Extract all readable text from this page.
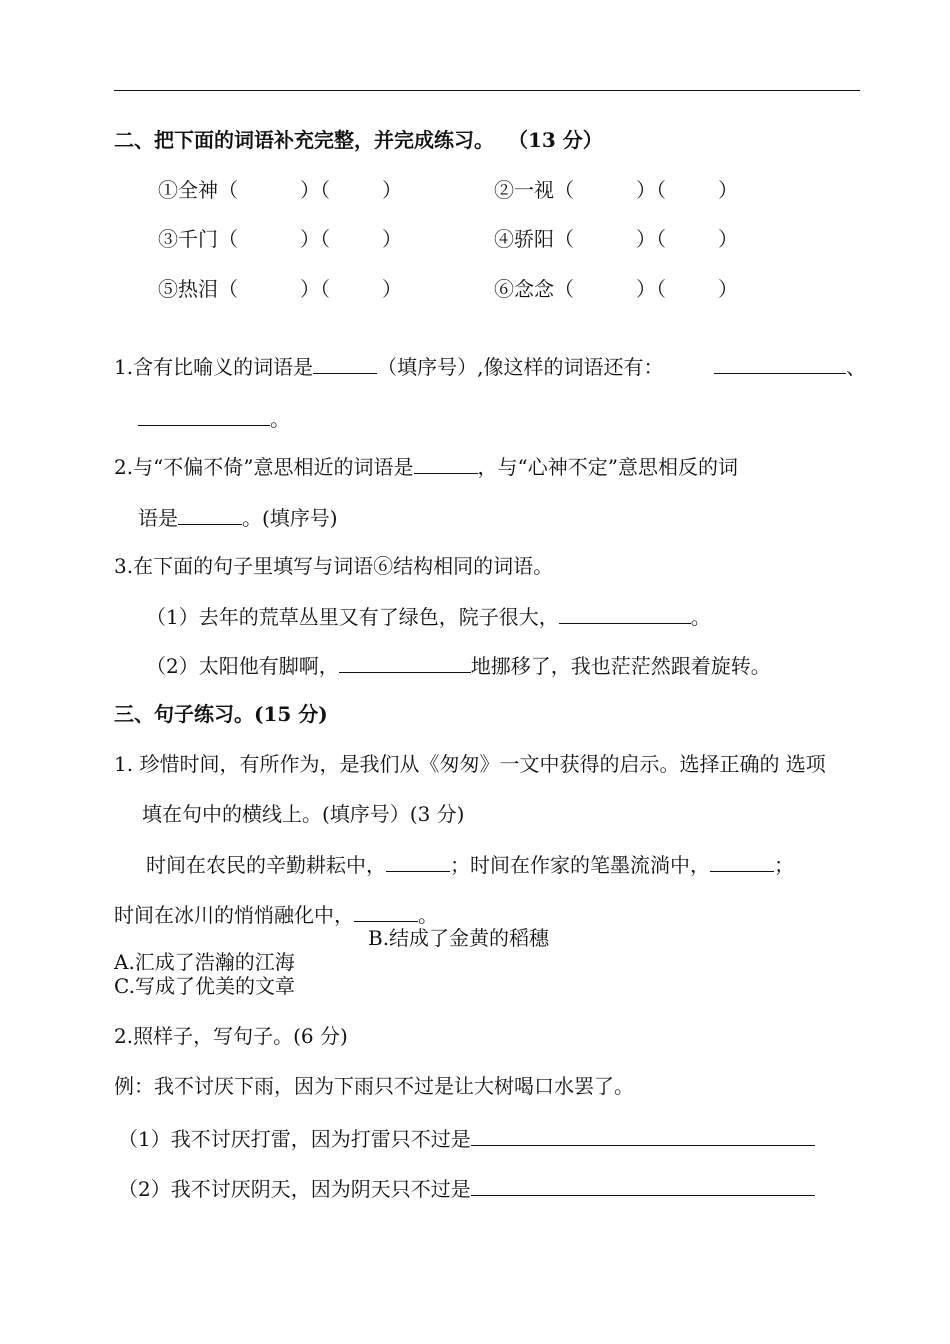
二、把下面的词语补充完整，并完成练习。 （13 分）
①全神（	）（	）	②一视（	）（	）
③千门（	）（	）	④骄阳（	）（	）
⑤热泪（	）（	）	⑥念念（	）（	）
1.含有比喻义的词语是	（填序号）,像这样的词语还有：	、
。
2.与“不偏不倚”意思相近的词语是	，与“心神不定”意思相反的词
语是	。(填序号)
3.在下面的句子里填写与词语⑥结构相同的词语。
（1）去年的荒草丛里又有了绿色，院子很大，	。
（2）太阳他有脚啊，	地挪移了，我也茫茫然跟着旋转。
三、句子练习。(15 分)
1. 珍惜时间，有所作为，是我们从《匆匆》一文中获得的启示。选择正确的 选项
填在句中的横线上。(填序号）(3 分)
时间在农民的辛勤耕耘中，	；时间在作家的笔墨流淌中，	；
时间在冰川的悄悄融化中，	。
B.结成了金黄的稻穗
A.汇成了浩瀚的江海
C.写成了优美的文章
2.照样子，写句子。(6 分)
例：我不讨厌下雨，因为下雨只不过是让大树喝口水罢了。
（1）我不讨厌打雷，因为打雷只不过是
（2）我不讨厌阴天，因为阴天只不过是
